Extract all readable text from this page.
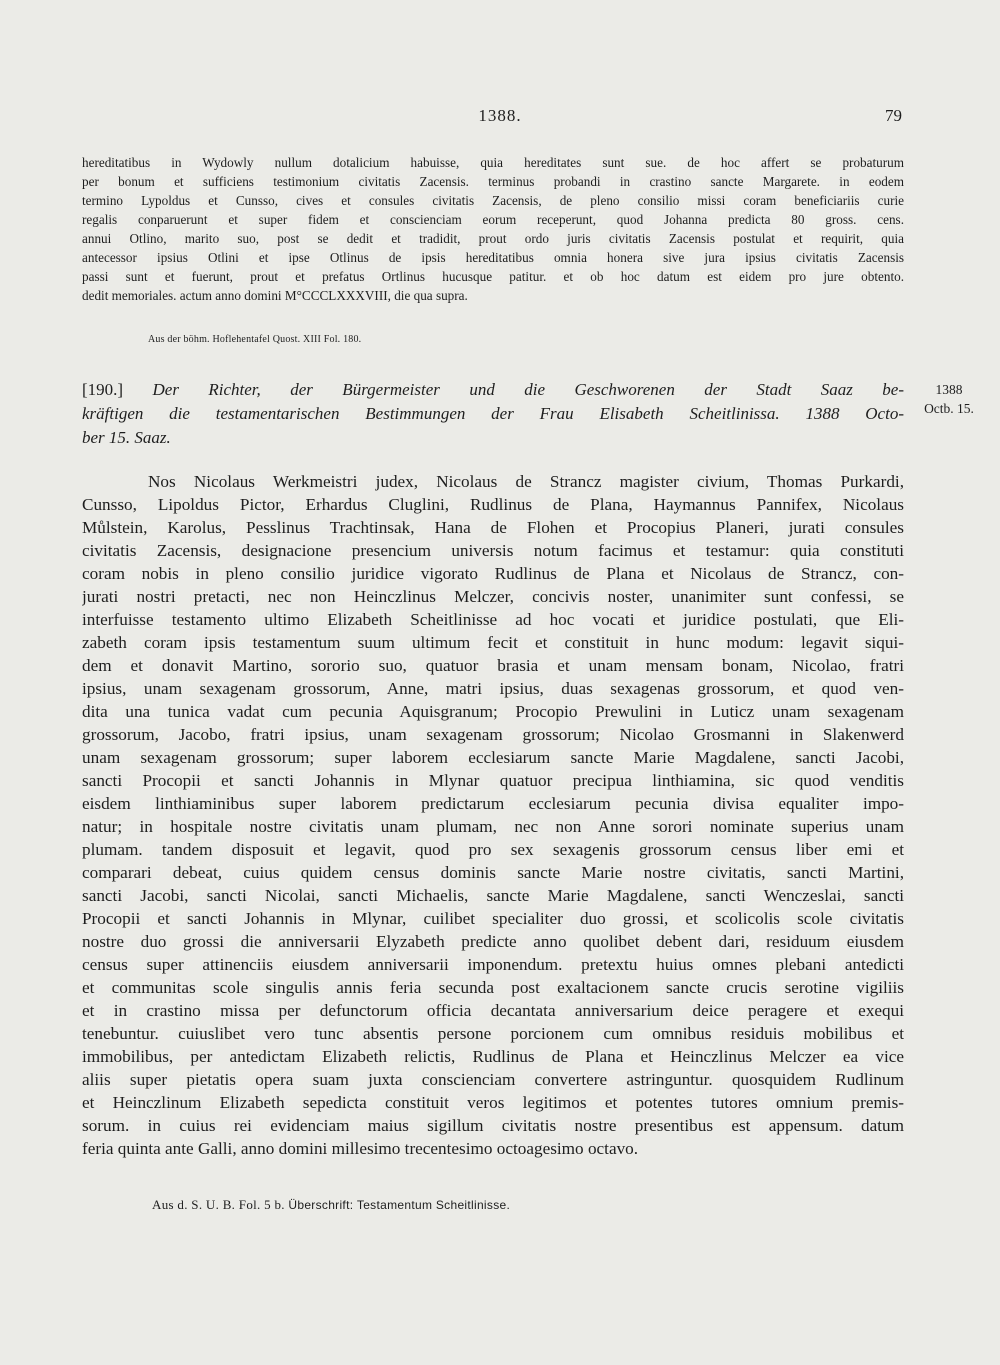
1388.	79
hereditatibus in Wydowly nullum dotalicium habuisse, quia hereditates sunt sue. de hoc affert se probaturum
per bonum et sufficiens testimonium civitatis Zacensis. terminus probandi in crastino sancte Margarete. in eodem
termino Lypoldus et Cunsso, cives et consules civitatis Zacensis, de pleno consilio missi coram beneficiariis curie
regalis conparuerunt et super fidem et conscienciam eorum receperunt, quod Johanna predicta 80 gross. cens.
annui Otlino, marito suo, post se dedit et tradidit, prout ordo juris civitatis Zacensis postulat et requirit, quia
antecessor ipsius Otlini et ipse Otlinus de ipsis hereditatibus omnia honera sive jura ipsius civitatis Zacensis
passi sunt et fuerunt, prout et prefatus Ortlinus hucusque patitur. et ob hoc datum est eidem pro jure obtento.
dedit memoriales. actum anno domini M°CCCLXXXVIII, die qua supra.
Aus der böhm. Hoflehentafel Quost. XIII Fol. 180.
[190.] Der Richter, der Bürgermeister und die Geschworenen der Stadt Saaz be-
kräftigen die testamentarischen Bestimmungen der Frau Elisabeth Scheitlinissa. 1388 Octo-
ber 15. Saaz.
1388
Octb. 15.
Nos Nicolaus Werkmeistri judex, Nicolaus de Strancz magister civium, Thomas Purkardi,
Cunsso, Lipoldus Pictor, Erhardus Cluglini, Rudlinus de Plana, Haymannus Pannifex, Nicolaus
Můlstein, Karolus, Pesslinus Trachtinsak, Hana de Flohen et Procopius Planeri, jurati consules
civitatis Zacensis, designacione presencium universis notum facimus et testamur: quia constituti
coram nobis in pleno consilio juridice vigorato Rudlinus de Plana et Nicolaus de Strancz, con-
jurati nostri pretacti, nec non Heinczlinus Melczer, concivis noster, unanimiter sunt confessi, se
interfuisse testamento ultimo Elizabeth Scheitlinisse ad hoc vocati et juridice postulati, que Eli-
zabeth coram ipsis testamentum suum ultimum fecit et constituit in hunc modum: legavit siqui-
dem et donavit Martino, sororio suo, quatuor brasia et unam mensam bonam, Nicolao, fratri
ipsius, unam sexagenam grossorum, Anne, matri ipsius, duas sexagenas grossorum, et quod ven-
dita una tunica vadat cum pecunia Aquisgranum; Procopio Prewulini in Luticz unam sexagenam
grossorum, Jacobo, fratri ipsius, unam sexagenam grossorum; Nicolao Grosmanni in Slakenwerd
unam sexagenam grossorum; super laborem ecclesiarum sancte Marie Magdalene, sancti Jacobi,
sancti Procopii et sancti Johannis in Mlynar quatuor precipua linthiamina, sic quod venditis
eisdem linthiaminibus super laborem predictarum ecclesiarum pecunia divisa equaliter impo-
natur; in hospitale nostre civitatis unam plumam, nec non Anne sorori nominate superius unam
plumam. tandem disposuit et legavit, quod pro sex sexagenis grossorum census liber emi et
comparari debeat, cuius quidem census dominis sancte Marie nostre civitatis, sancti Martini,
sancti Jacobi, sancti Nicolai, sancti Michaelis, sancte Marie Magdalene, sancti Wenczeslai, sancti
Procopii et sancti Johannis in Mlynar, cuilibet specialiter duo grossi, et scolicolis scole civitatis
nostre duo grossi die anniversarii Elyzabeth predicte anno quolibet debent dari, residuum eiusdem
census super attinenciis eiusdem anniversarii imponendum. pretextu huius omnes plebani antedicti
et communitas scole singulis annis feria secunda post exaltacionem sancte crucis serotine vigiliis
et in crastino missa per defunctorum officia decantata anniversarium deice peragere et exequi
tenebuntur. cuiuslibet vero tunc absentis persone porcionem cum omnibus residuis mobilibus et
immobilibus, per antedictam Elizabeth relictis, Rudlinus de Plana et Heinczlinus Melczer ea vice
aliis super pietatis opera suam juxta conscienciam convertere astringuntur. quosquidem Rudlinum
et Heinczlinum Elizabeth sepedicta constituit veros legitimos et potentes tutores omnium premis-
sorum. in cuius rei evidenciam maius sigillum civitatis nostre presentibus est appensum. datum
feria quinta ante Galli, anno domini millesimo trecentesimo octoagesimo octavo.
Aus d. S. U. B. Fol. 5 b. Überschrift: Testamentum Scheitlinisse.
